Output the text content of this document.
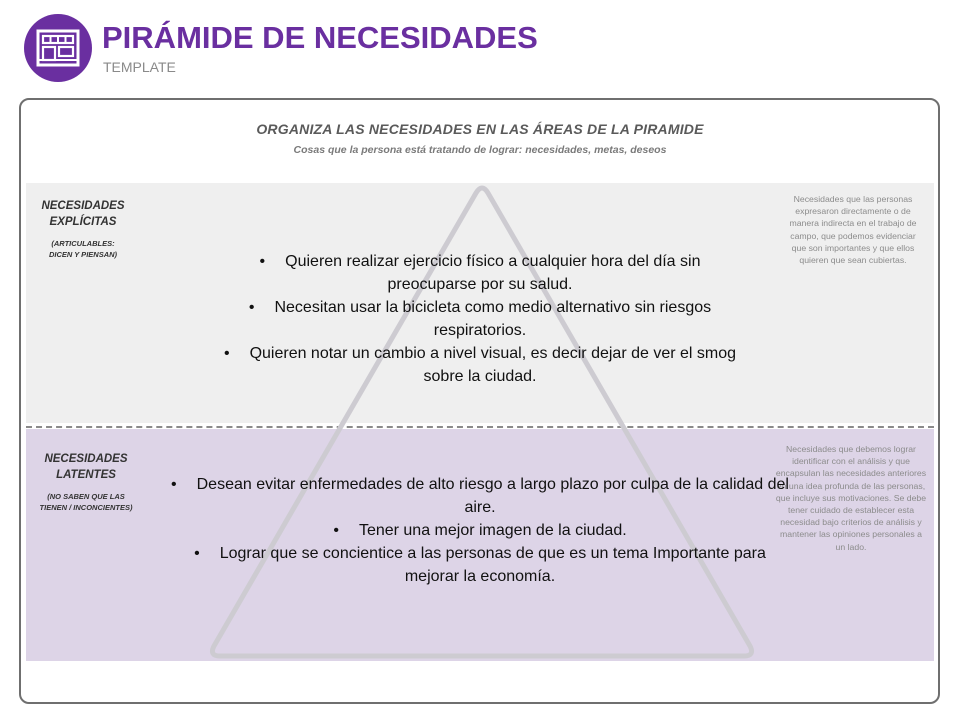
PIRÁMIDE DE NECESIDADES
TEMPLATE
ORGANIZA LAS NECESIDADES EN LAS ÁREAS DE LA PIRAMIDE
Cosas que la persona está tratando de lograr: necesidades, metas, deseos
NECESIDADES
EXPLÍCITAS
(ARTICULABLES:
DICEN Y PIENSAN)
Necesidades que las personas expresaron directamente o de manera indirecta en el trabajo de campo, que podemos evidenciar que son importantes y que ellos quieren que sean cubiertas.
• Quieren realizar ejercicio físico a cualquier hora del día sin preocuparse por su salud.
• Necesitan usar la bicicleta como medio alternativo sin riesgos respiratorios.
• Quieren notar un cambio a nivel visual, es decir dejar de ver el smog sobre la ciudad.
NECESIDADES
LATENTES
(NO SABEN QUE LAS
TIENEN / INCONCIENTES)
Necesidades que debemos lograr identificar con el análisis y que encapsulan las necesidades anteriores en una idea profunda de las personas, que incluye sus motivaciones. Se debe tener cuidado de establecer esta necesidad bajo criterios de análisis y mantener las opiniones personales a un lado.
• Desean evitar enfermedades de alto riesgo a largo plazo por culpa de la calidad del aire.
• Tener una mejor imagen de la ciudad.
• Lograr que se concientice a las personas de que es un tema Importante para mejorar la economía.
